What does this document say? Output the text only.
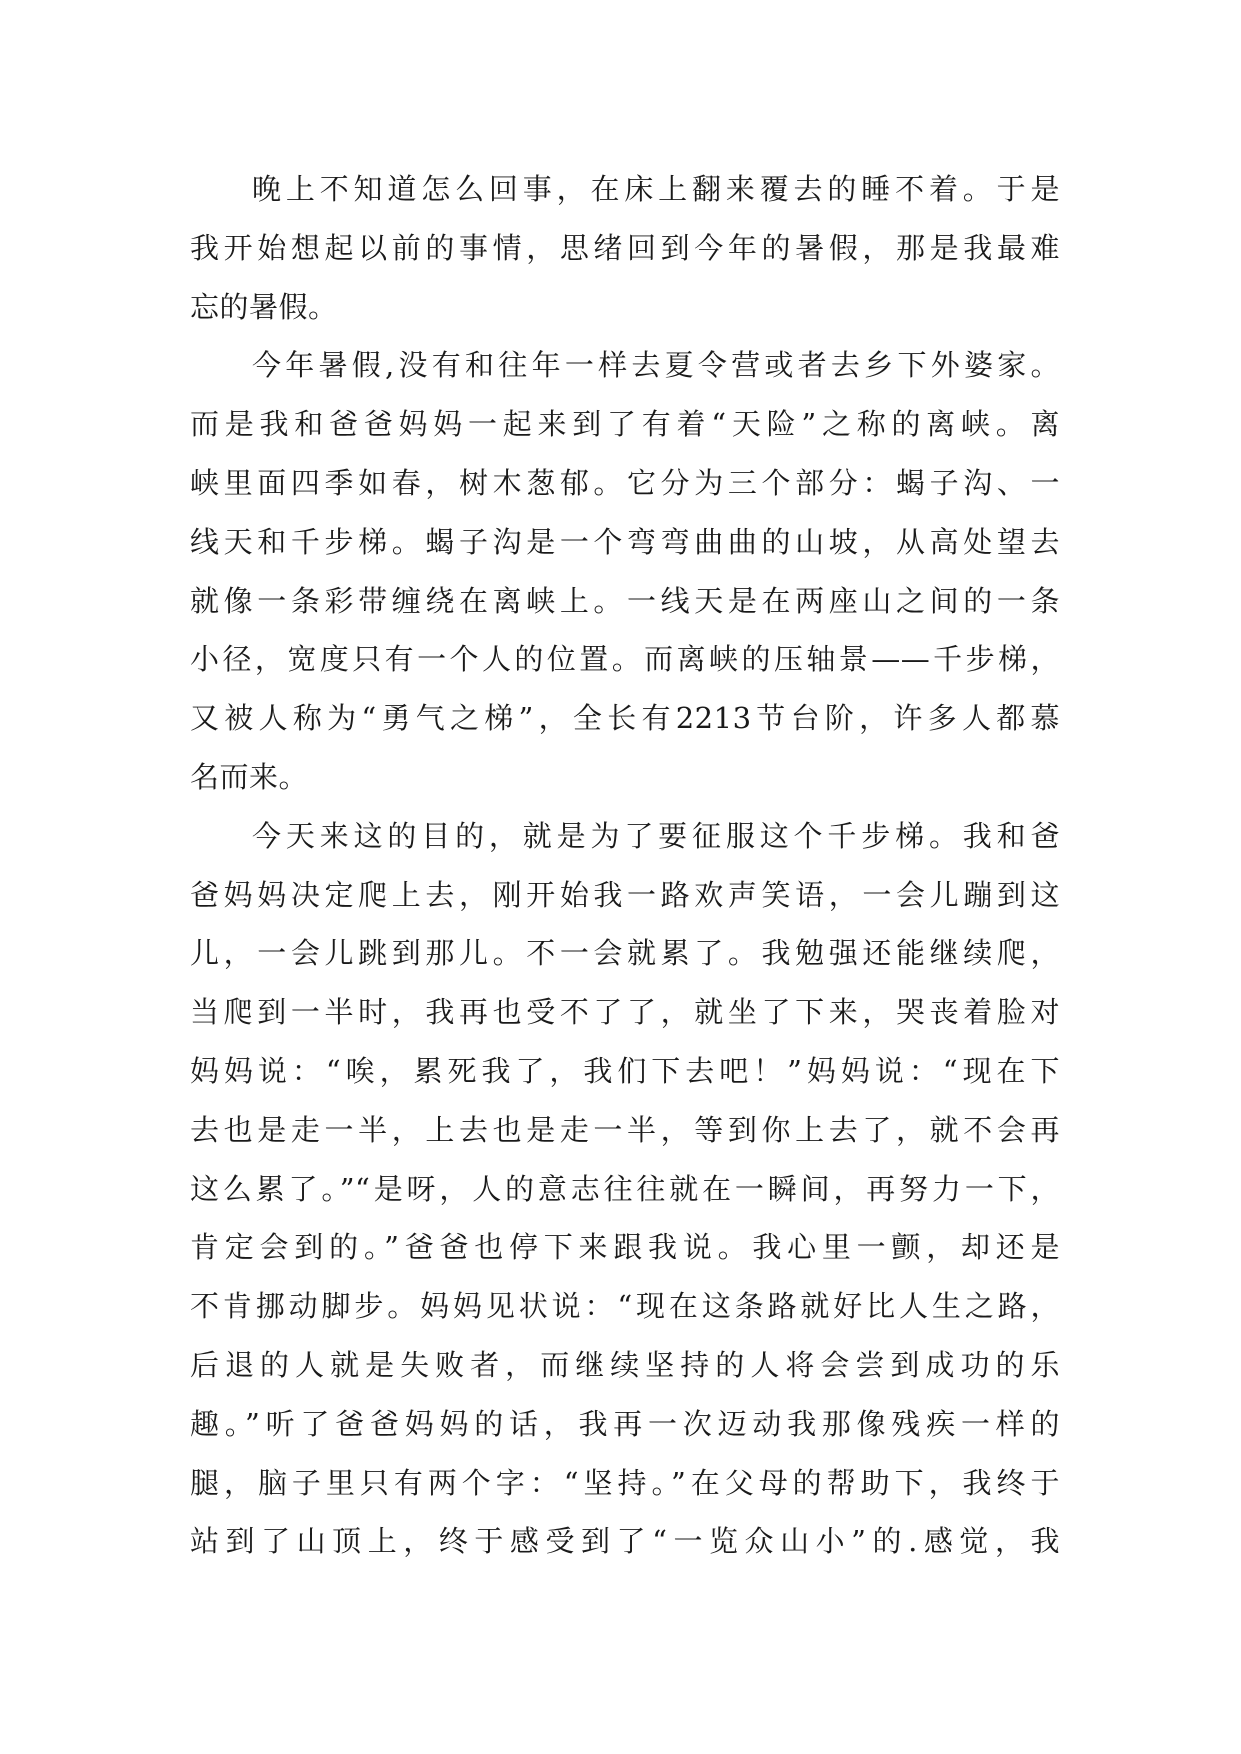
晚上不知道怎么回事，在床上翻来覆去的睡不着。于是
我开始想起以前的事情，思绪回到今年的暑假，那是我最难
忘的暑假。
今年暑假,没有和往年一样去夏令营或者去乡下外婆家。
而是我和爸爸妈妈一起来到了有着“天险”之称的离峡。离
峡里面四季如春，树木葱郁。它分为三个部分：蝎子沟、一
线天和千步梯。蝎子沟是一个弯弯曲曲的山坡，从高处望去
就像一条彩带缠绕在离峡上。一线天是在两座山之间的一条
小径，宽度只有一个人的位置。而离峡的压轴景——千步梯，
又被人称为“勇气之梯”，全长有2213节台阶，许多人都慕
名而来。
今天来这的目的，就是为了要征服这个千步梯。我和爸
爸妈妈决定爬上去，刚开始我一路欢声笑语，一会儿蹦到这
儿，一会儿跳到那儿。不一会就累了。我勉强还能继续爬，
当爬到一半时，我再也受不了了，就坐了下来，哭丧着脸对
妈妈说：“唉，累死我了，我们下去吧！”妈妈说：“现在下
去也是走一半，上去也是走一半，等到你上去了，就不会再
这么累了。”“是呀，人的意志往往就在一瞬间，再努力一下，
肯定会到的。”爸爸也停下来跟我说。我心里一颤，却还是
不肯挪动脚步。妈妈见状说：“现在这条路就好比人生之路，
后退的人就是失败者，而继续坚持的人将会尝到成功的乐
趣。”听了爸爸妈妈的话，我再一次迈动我那像残疾一样的
腿，脑子里只有两个字：“坚持。”在父母的帮助下，我终于
站到了山顶上，终于感受到了“一览众山小”的.感觉，我
